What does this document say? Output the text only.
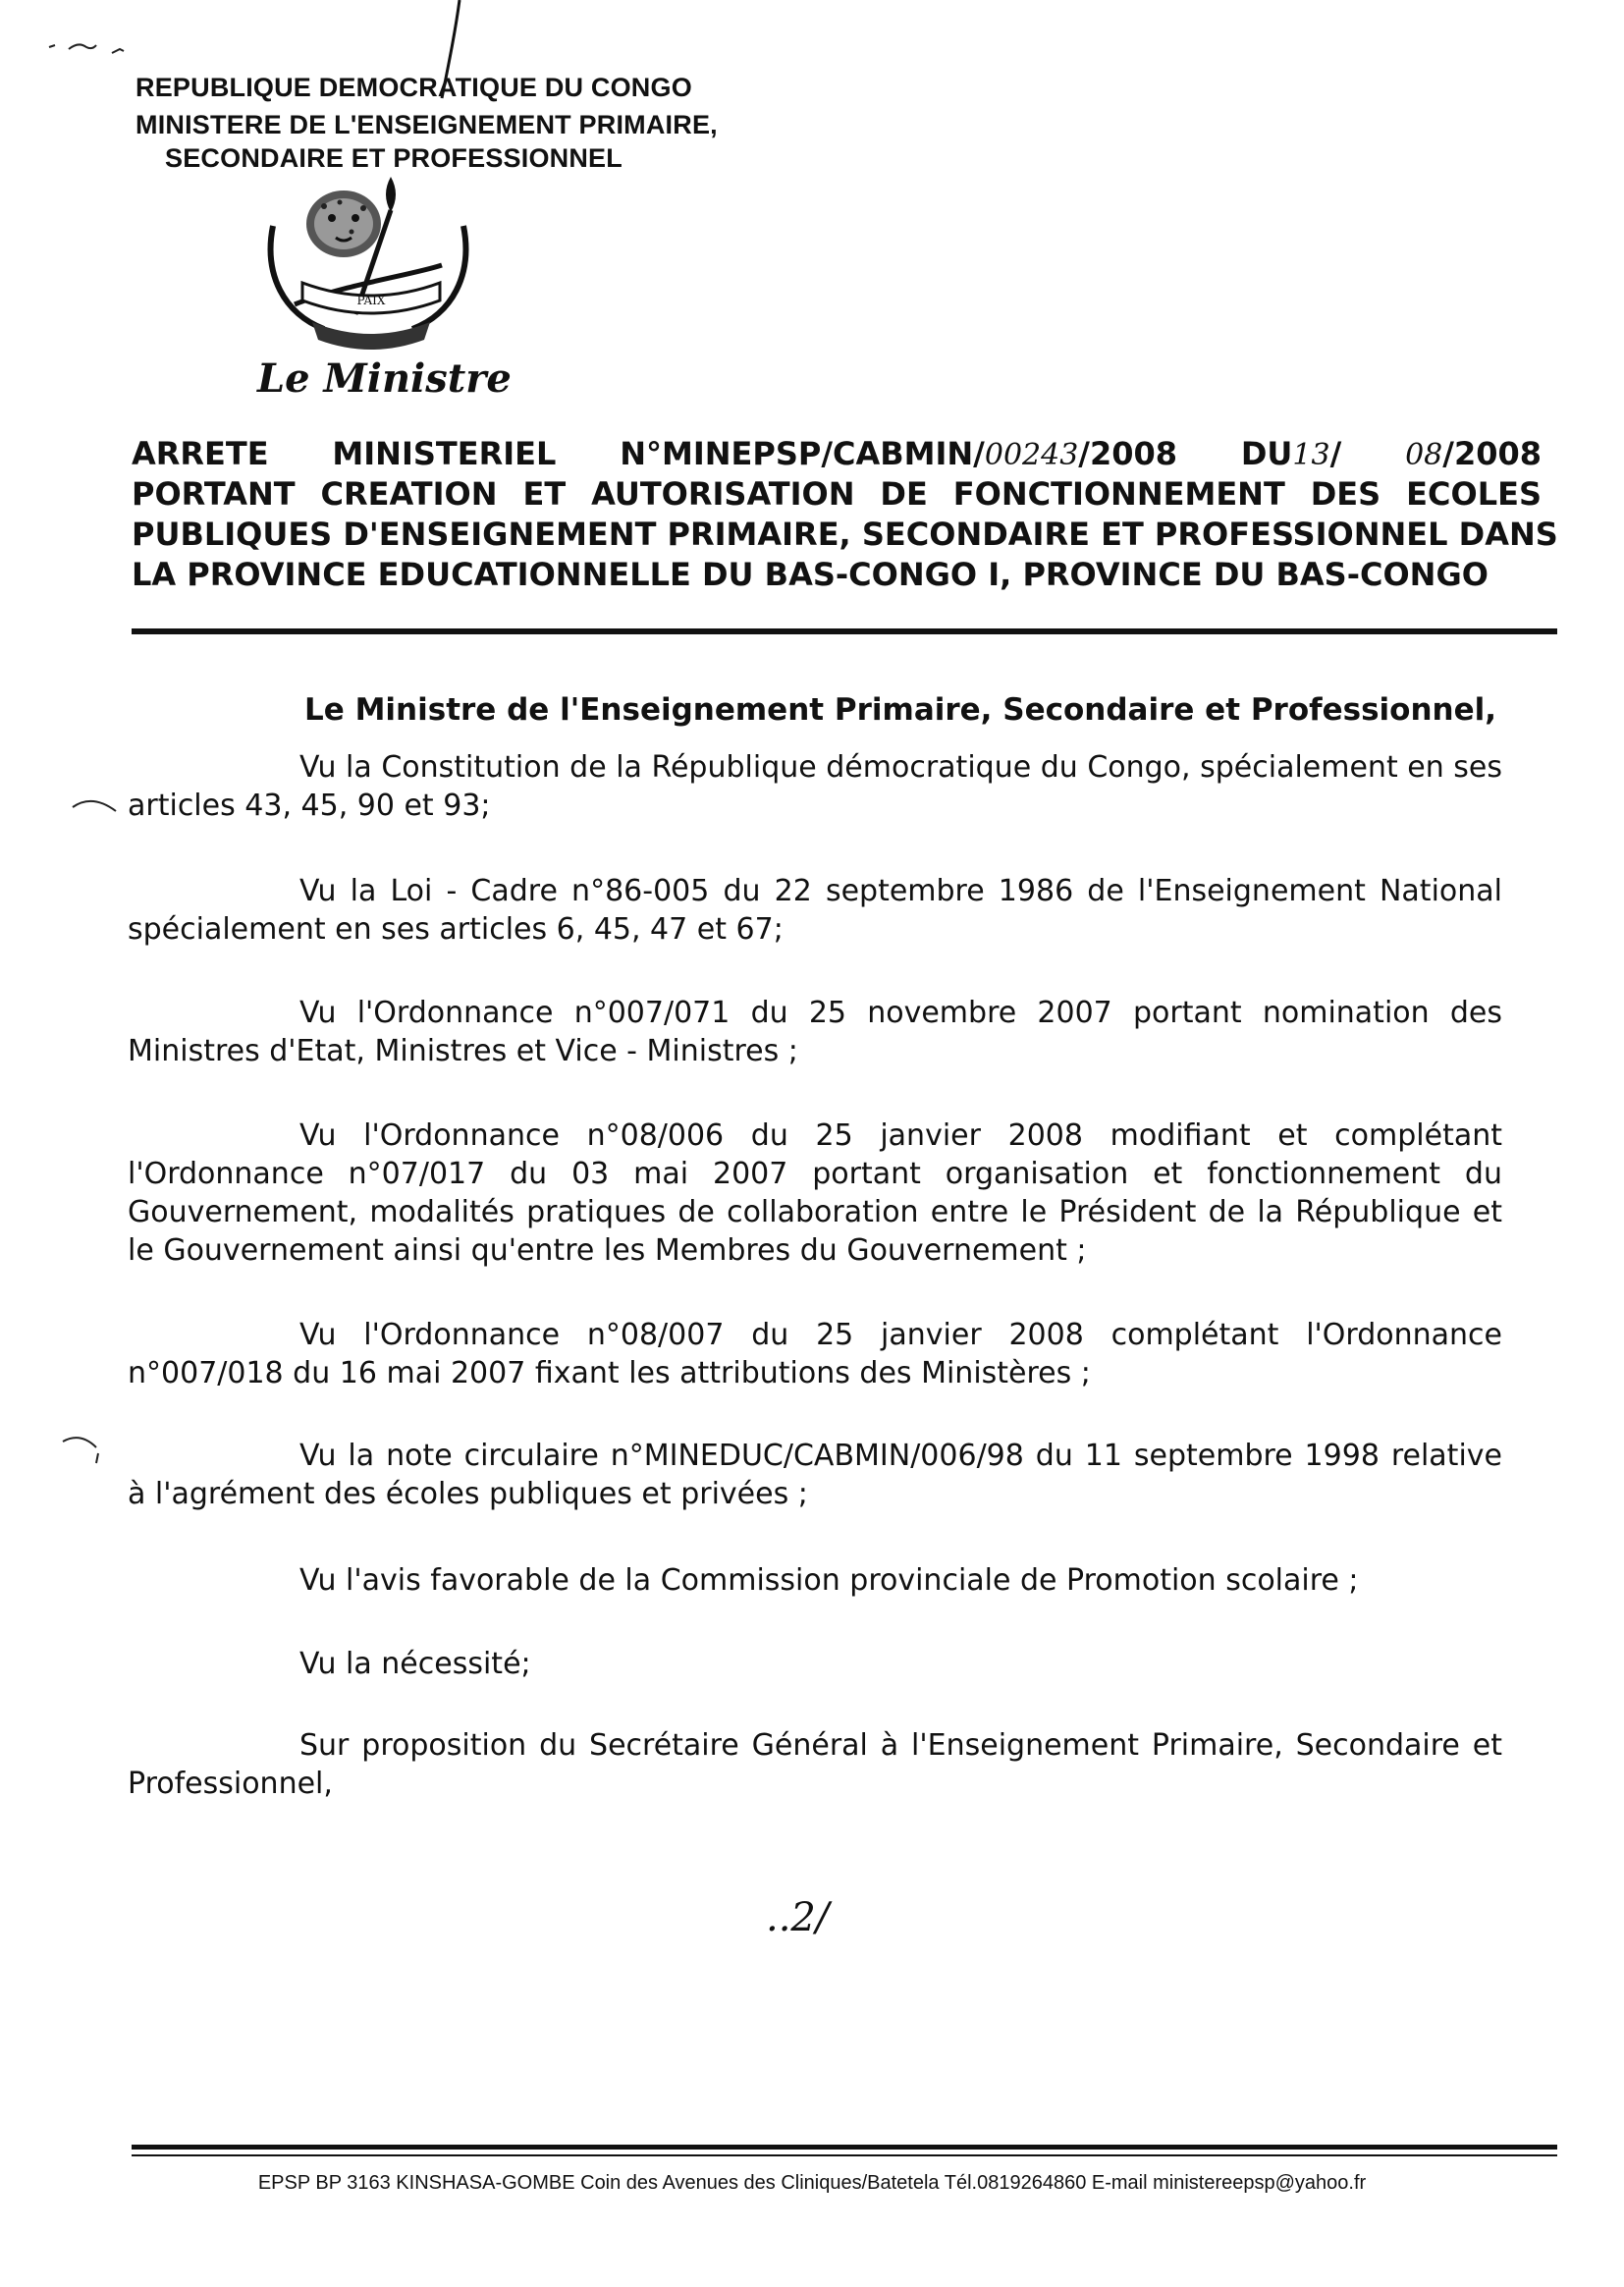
REPUBLIQUE DEMOCRATIQUE DU CONGO
MINISTERE DE L'ENSEIGNEMENT PRIMAIRE,
SECONDAIRE ET PROFESSIONNEL
PAIX
Le Ministre
ARRETE MINISTERIEL N°MINEPSP/CABMIN/00243/2008 DU13/ 08/2008
PORTANT CREATION ET AUTORISATION DE FONCTIONNEMENT DES ECOLES
PUBLIQUES D'ENSEIGNEMENT PRIMAIRE, SECONDAIRE ET PROFESSIONNEL DANS
LA PROVINCE EDUCATIONNELLE DU BAS-CONGO I, PROVINCE DU BAS-CONGO
Le Ministre de l'Enseignement Primaire, Secondaire et Professionnel,

Vu la Constitution de la République démocratique du Congo, spécialement en ses articles 43, 45, 90 et 93;

Vu la Loi - Cadre n°86-005 du 22 septembre 1986 de l'Enseignement National spécialement en ses articles 6, 45, 47 et 67;

Vu l'Ordonnance n°007/071 du 25 novembre 2007 portant nomination des Ministres d'Etat, Ministres et Vice - Ministres ;

Vu l'Ordonnance n°08/006 du 25 janvier 2008 modifiant et complétant l'Ordonnance n°07/017 du 03 mai 2007 portant organisation et fonctionnement du Gouvernement, modalités pratiques de collaboration entre le Président de la République et le Gouvernement ainsi qu'entre les Membres du Gouvernement ;

Vu l'Ordonnance n°08/007 du 25 janvier 2008 complétant l'Ordonnance n°007/018 du 16 mai 2007 fixant les attributions des Ministères ;

Vu la note circulaire n°MINEDUC/CABMIN/006/98 du 11 septembre 1998 relative à l'agrément des écoles publiques et privées ;

Vu l'avis favorable de la Commission provinciale de Promotion scolaire ;

Vu la nécessité;

Sur proposition du Secrétaire Général à l'Enseignement Primaire, Secondaire et Professionnel,

..2/
EPSP BP 3163 KINSHASA-GOMBE Coin des Avenues des Cliniques/Batetela Tél.0819264860 E-mail ministereepsp@yahoo.fr
